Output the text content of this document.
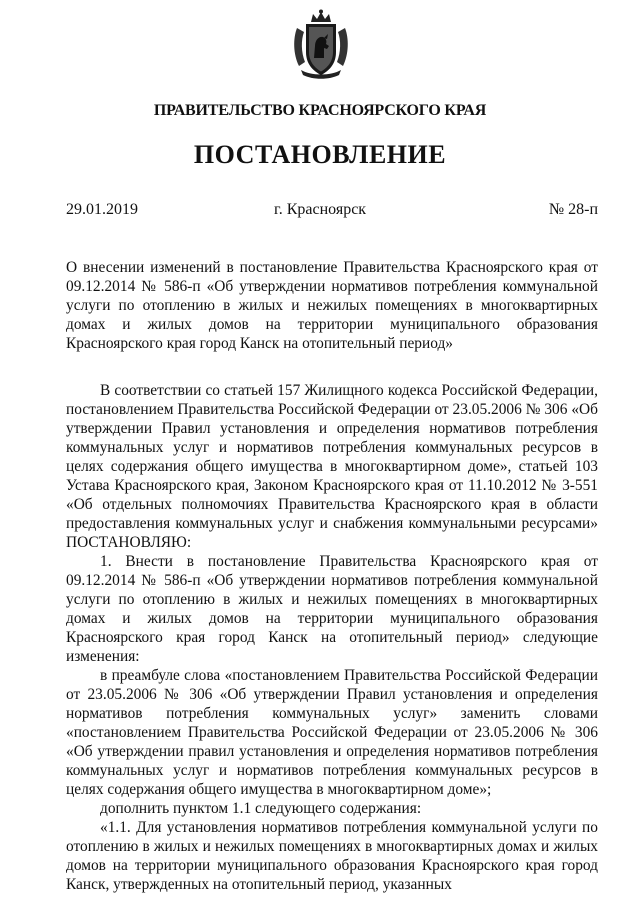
ПРАВИТЕЛЬСТВО КРАСНОЯРСКОГО КРАЯ
ПОСТАНОВЛЕНИЕ
29.01.2019	г. Красноярск	№ 28-п

О внесении изменений в постановление Правительства Красноярского края от 09.12.2014 № 586-п «Об утверждении нормативов потребления коммунальной услуги по отоплению в жилых и нежилых помещениях в многоквартирных домах и жилых домов на территории муниципального образования Красноярского края город Канск на отопительный период»

В соответствии со статьей 157 Жилищного кодекса Российской Федерации, постановлением Правительства Российской Федерации от 23.05.2006 № 306 «Об утверждении Правил установления и определения нормативов потребления коммунальных услуг и нормативов потребления коммунальных ресурсов в целях содержания общего имущества в многоквартирном доме», статьей 103 Устава Красноярского края, Законом Красноярского края от 11.10.2012 № 3-551 «Об отдельных полномочиях Правительства Красноярского края в области предоставления коммунальных услуг и снабжения коммунальными ресурсами» ПОСТАНОВЛЯЮ:

1. Внести в постановление Правительства Красноярского края от 09.12.2014 № 586-п «Об утверждении нормативов потребления коммунальной услуги по отоплению в жилых и нежилых помещениях в многоквартирных домах и жилых домов на территории муниципального образования Красноярского края город Канск на отопительный период» следующие изменения:

в преамбуле слова «постановлением Правительства Российской Федерации от 23.05.2006 № 306 «Об утверждении Правил установления и определения нормативов потребления коммунальных услуг» заменить словами «постановлением Правительства Российской Федерации от 23.05.2006 № 306 «Об утверждении правил установления и определения нормативов потребления коммунальных услуг и нормативов потребления коммунальных ресурсов в целях содержания общего имущества в многоквартирном доме»;

дополнить пунктом 1.1 следующего содержания:

«1.1. Для установления нормативов потребления коммунальной услуги по отоплению в жилых и нежилых помещениях в многоквартирных домах и жилых домов на территории муниципального образования Красноярского края город Канск, утвержденных на отопительный период, указанных
